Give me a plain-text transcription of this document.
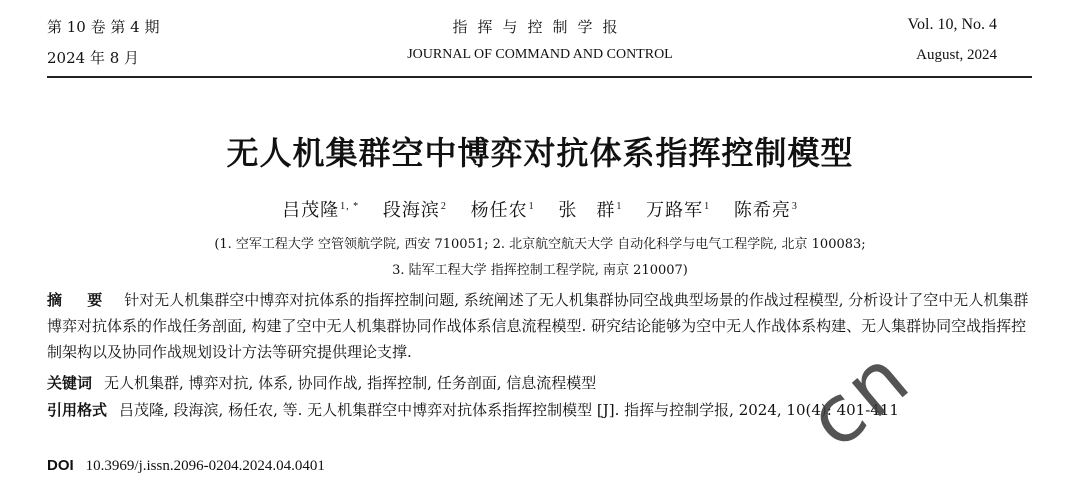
第 10 卷 第 4 期
2024 年 8 月
指挥与控制学报
JOURNAL OF COMMAND AND CONTROL
Vol. 10, No. 4
August, 2024
无人机集群空中博弈对抗体系指挥控制模型
吕茂隆$^{1, *}$ 段海滨$^2$ 杨任农$^1$ 张　群$^1$ 万路军$^1$ 陈希亮$^3$
(1. 空军工程大学 空管领航学院, 西安 710051; 2. 北京航空航天大学 自动化科学与电气工程学院, 北京 100083;
3. 陆军工程大学 指挥控制工程学院, 南京 210007)
摘 要 针对无人机集群空中博弈对抗体系的指挥控制问题, 系统阐述了无人机集群协同空战典型场景的作战过程模型, 分析设计了空中无人机集群博弈对抗体系的作战任务剖面, 构建了空中无人机集群协同作战体系信息流程模型. 研究结论能够为空中无人作战体系构建、无人集群协同空战指挥控制架构以及协同作战规划设计方法等研究提供理论支撑.
关键词 无人机集群, 博弈对抗, 体系, 协同作战, 指挥控制, 任务剖面, 信息流程模型
引用格式 吕茂隆, 段海滨, 杨任农, 等. 无人机集群空中博弈对抗体系指挥控制模型 [J]. 指挥与控制学报, 2024, 10(4): 401-411
DOI 10.3969/j.issn.2096-0204.2024.04.0401	cn
